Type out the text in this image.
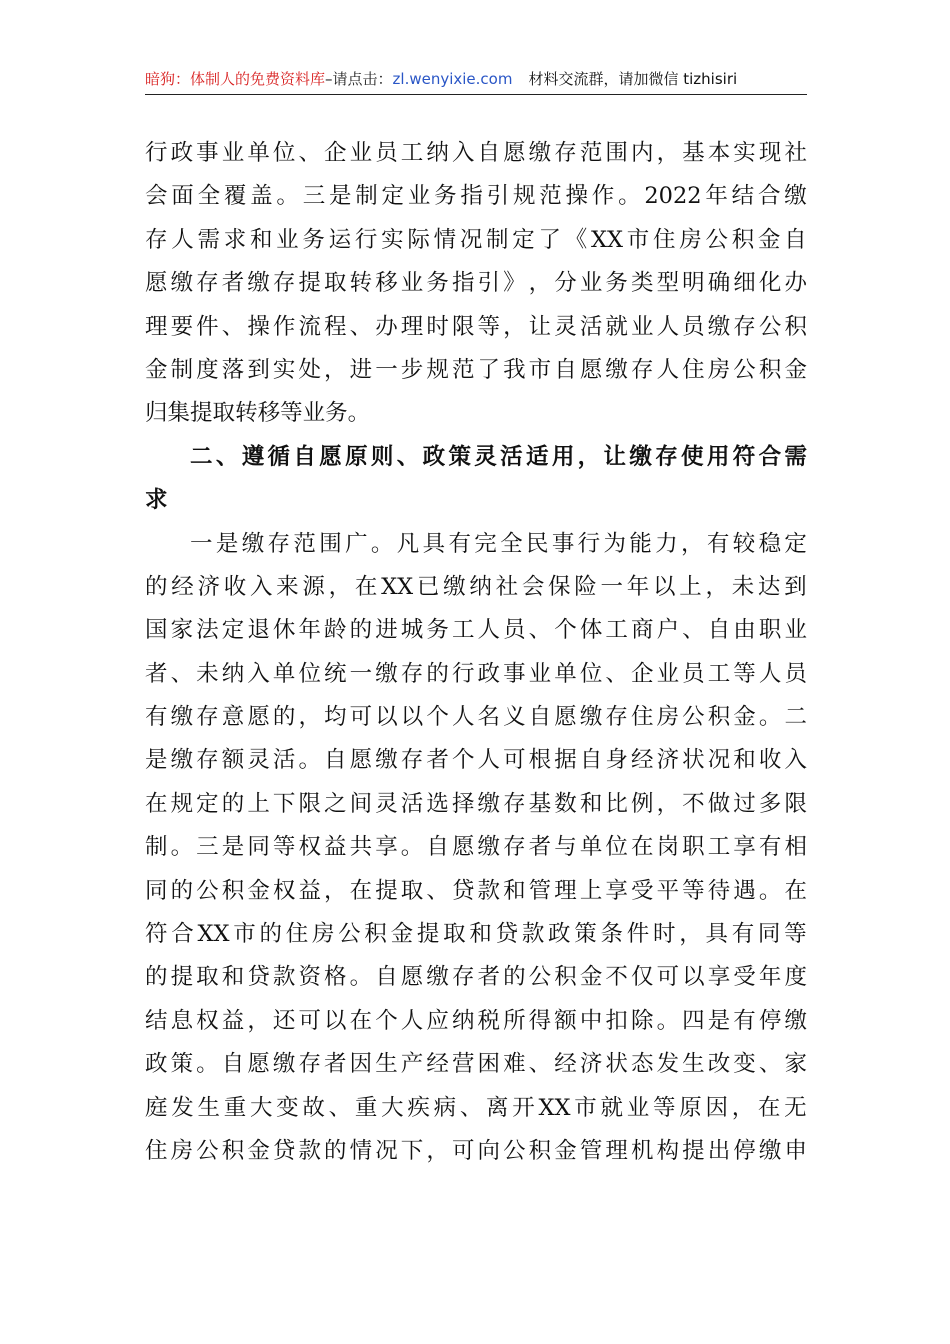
暗狗：体制人的免费资料库 –请点击： zl.wenyixie.com 材料交流群，请加微信 tizhisiri
行 政 事 业 单 位 、 企 业 员 工 纳 入 自 愿 缴 存 范 围 内 ， 基 本 实 现 社
会 面 全 覆 盖 。 三 是 制 定 业 务 指 引 规 范 操 作 。 2022 年 结 合 缴
存 人 需 求 和 业 务 运 行 实 际 情 况 制 定 了 《 XX 市 住 房 公 积 金 自
愿 缴 存 者 缴 存 提 取 转 移 业 务 指 引 》 ， 分 业 务 类 型 明 确 细 化 办
理 要 件 、 操 作 流 程 、 办 理 时 限 等 ， 让 灵 活 就 业 人 员 缴 存 公 积
金 制 度 落 到 实 处 ， 进 一 步 规 范 了 我 市 自 愿 缴 存 人 住 房 公 积 金
归 集 提 取 转 移 等 业 务 。
二 、 遵 循 自 愿 原 则 、 政 策 灵 活 适 用 ， 让 缴 存 使 用 符 合 需
求
一 是 缴 存 范 围 广 。 凡 具 有 完 全 民 事 行 为 能 力 ， 有 较 稳 定
的 经 济 收 入 来 源 ， 在 XX 已 缴 纳 社 会 保 险 一 年 以 上 ， 未 达 到
国 家 法 定 退 休 年 龄 的 进 城 务 工 人 员 、 个 体 工 商 户 、 自 由 职 业
者 、 未 纳 入 单 位 统 一 缴 存 的 行 政 事 业 单 位 、 企 业 员 工 等 人 员
有 缴 存 意 愿 的 ， 均 可 以 以 个 人 名 义 自 愿 缴 存 住 房 公 积 金 。 二
是 缴 存 额 灵 活 。 自 愿 缴 存 者 个 人 可 根 据 自 身 经 济 状 况 和 收 入
在 规 定 的 上 下 限 之 间 灵 活 选 择 缴 存 基 数 和 比 例 ， 不 做 过 多 限
制 。 三 是 同 等 权 益 共 享 。 自 愿 缴 存 者 与 单 位 在 岗 职 工 享 有 相
同 的 公 积 金 权 益 ， 在 提 取 、 贷 款 和 管 理 上 享 受 平 等 待 遇 。 在
符 合 XX 市 的 住 房 公 积 金 提 取 和 贷 款 政 策 条 件 时 ， 具 有 同 等
的 提 取 和 贷 款 资 格 。 自 愿 缴 存 者 的 公 积 金 不 仅 可 以 享 受 年 度
结 息 权 益 ， 还 可 以 在 个 人 应 纳 税 所 得 额 中 扣 除 。 四 是 有 停 缴
政 策 。 自 愿 缴 存 者 因 生 产 经 营 困 难 、 经 济 状 态 发 生 改 变 、 家
庭 发 生 重 大 变 故 、 重 大 疾 病 、 离 开 XX 市 就 业 等 原 因 ， 在 无
住 房 公 积 金 贷 款 的 情 况 下 ， 可 向 公 积 金 管 理 机 构 提 出 停 缴 申
